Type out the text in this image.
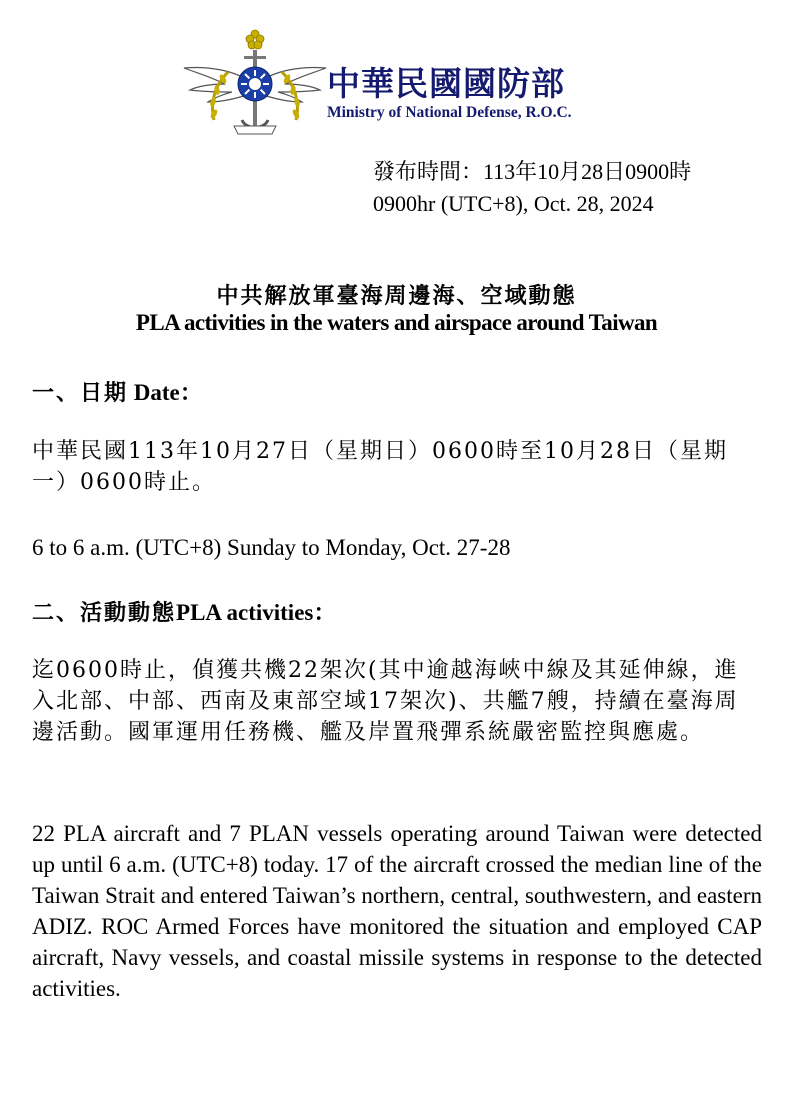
中華民國國防部
Ministry of National Defense, R.O.C.
發布時間：113年10月28日0900時
0900hr (UTC+8), Oct. 28, 2024
中共解放軍臺海周邊海、空域動態
PLA activities in the waters and airspace around Taiwan
一、日期 Date：

中華民國113年10月27日（星期日）0600時至10月28日（星期一）0600時止。

6 to 6 a.m. (UTC+8) Sunday to Monday, Oct. 27-28

二、活動動態PLA activities：

迄0600時止，偵獲共機22架次(其中逾越海峽中線及其延伸線，進入北部、中部、西南及東部空域17架次)、共艦7艘，持續在臺海周邊活動。國軍運用任務機、艦及岸置飛彈系統嚴密監控與應處。

22 PLA aircraft and 7 PLAN vessels operating around Taiwan were detected up until 6 a.m. (UTC+8) today. 17 of the aircraft crossed the median line of the Taiwan Strait and entered Taiwan’s northern, central, southwestern, and eastern ADIZ. ROC Armed Forces have monitored the situation and employed CAP aircraft, Navy vessels, and coastal missile systems in response to the detected activities.
